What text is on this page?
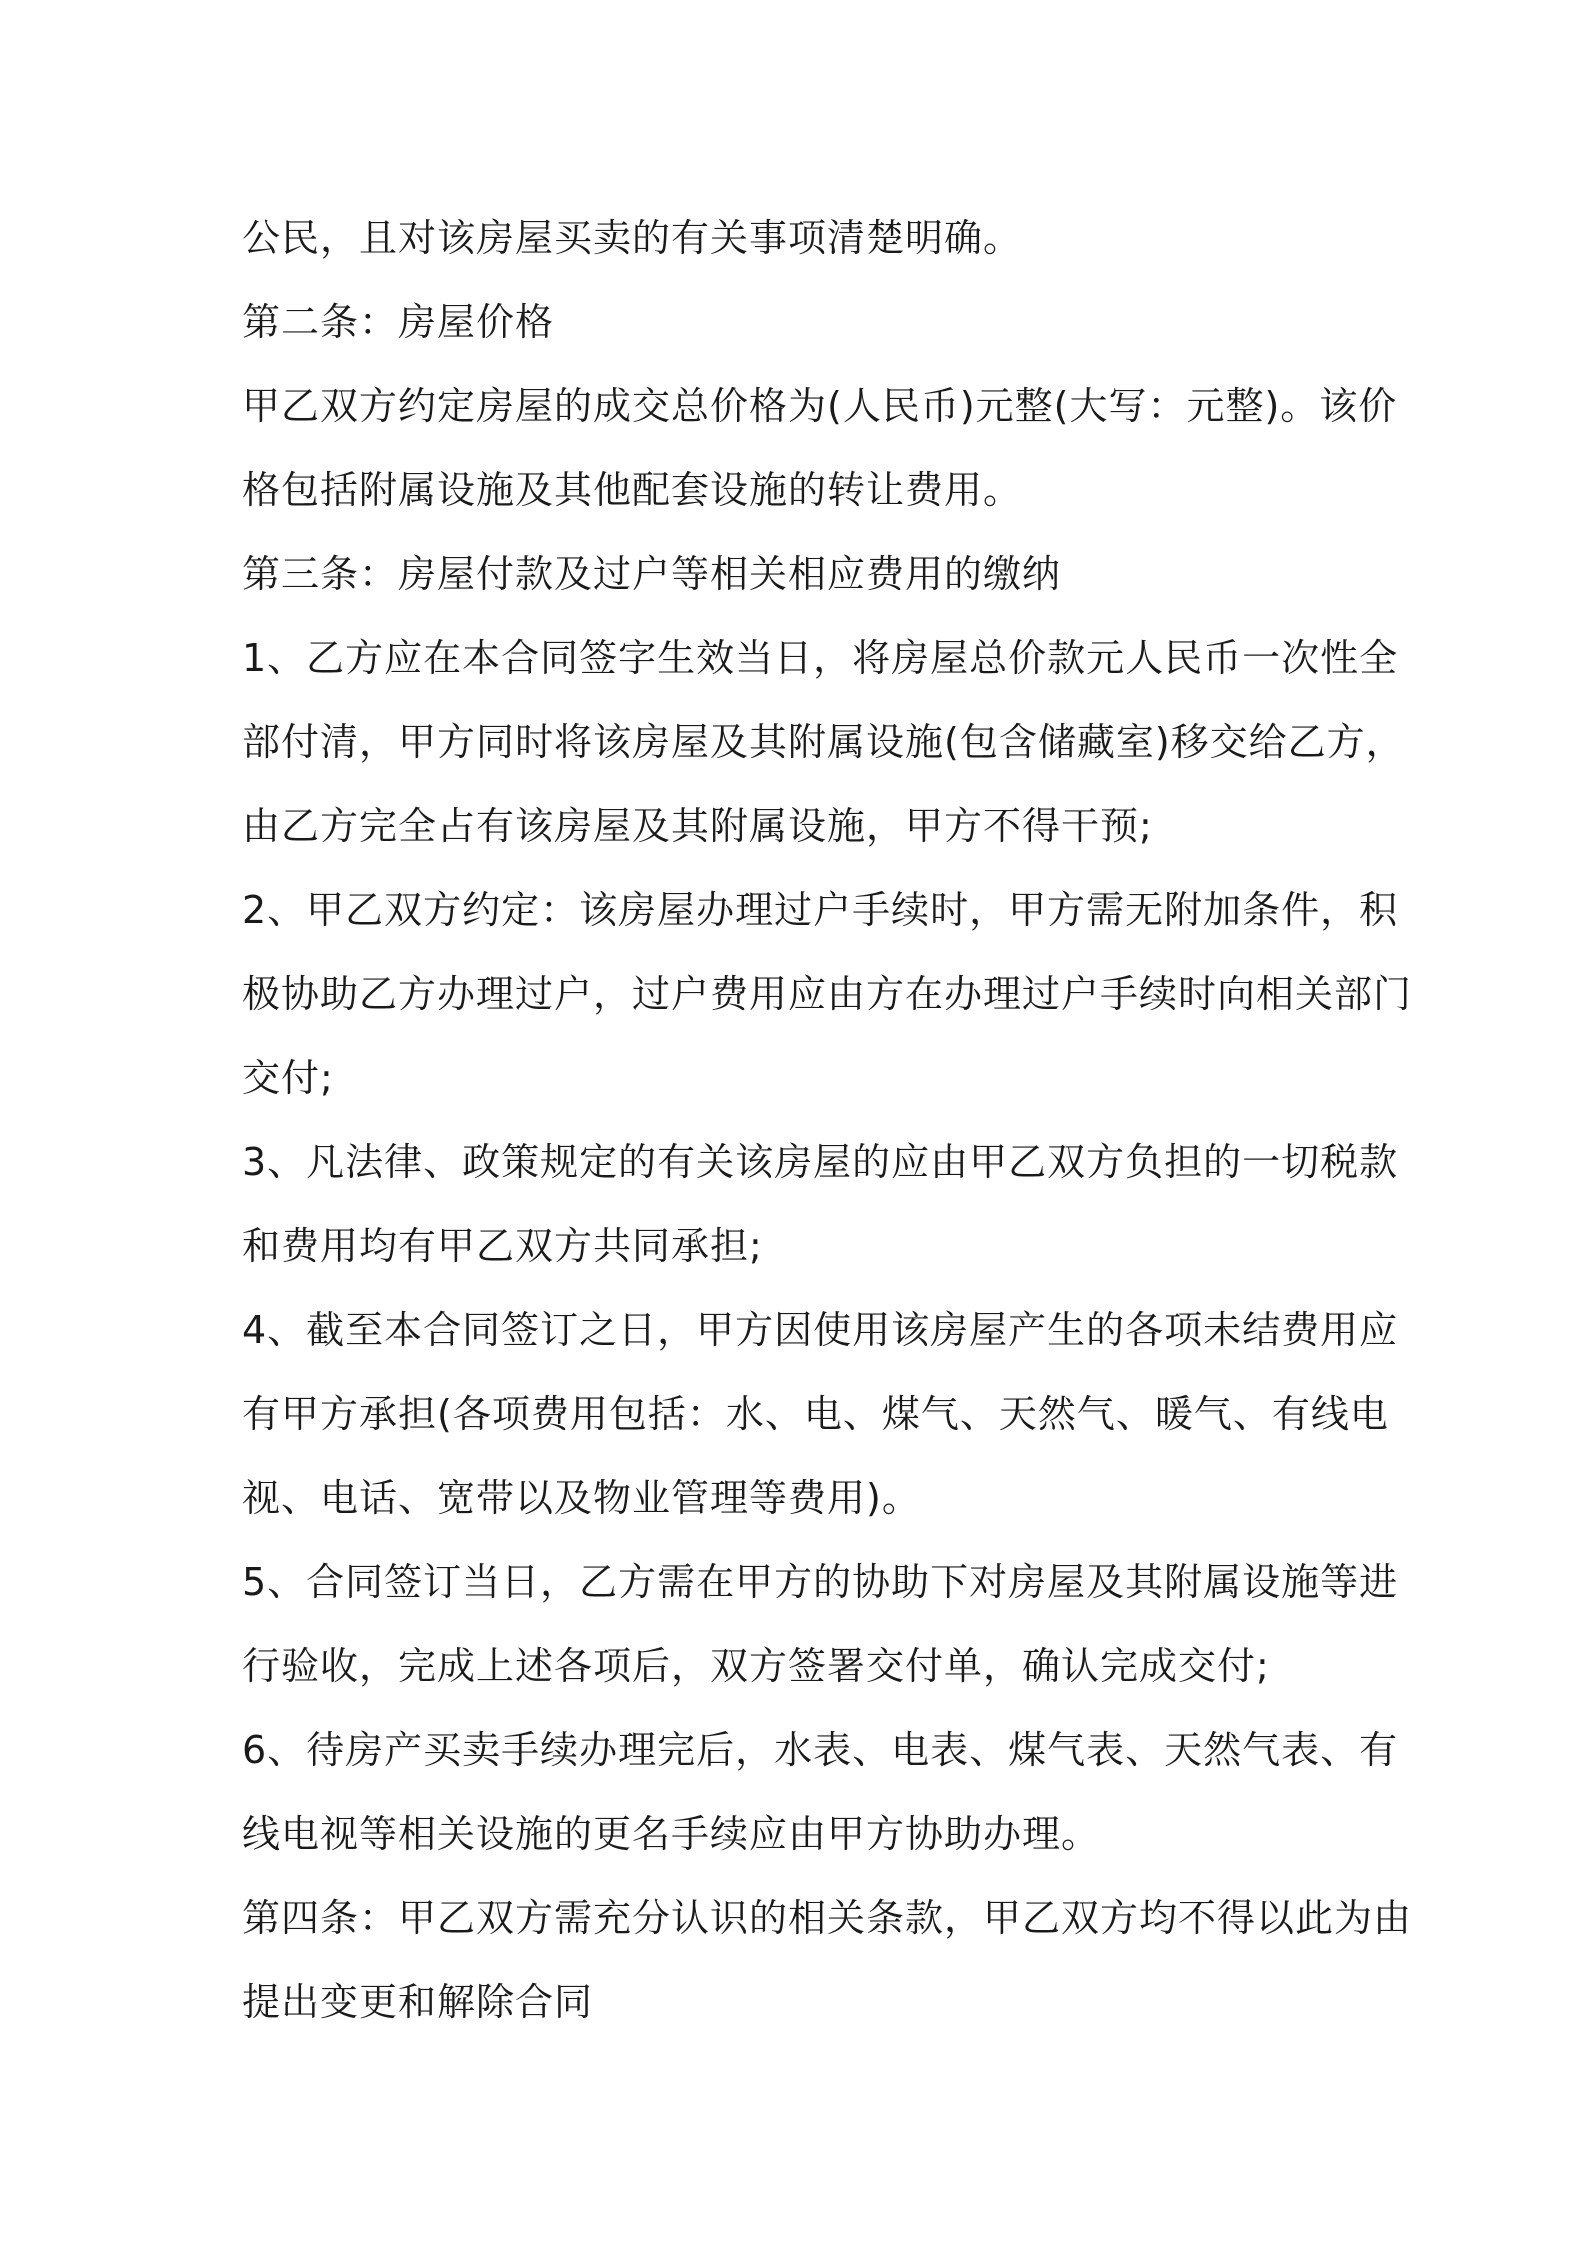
公民，且对该房屋买卖的有关事项清楚明确。
第二条：房屋价格
甲乙双方约定房屋的成交总价格为(人民币)元整(大写：元整)。该价
格包括附属设施及其他配套设施的转让费用。
第三条：房屋付款及过户等相关相应费用的缴纳
1、乙方应在本合同签字生效当日，将房屋总价款元人民币一次性全
部付清，甲方同时将该房屋及其附属设施(包含储藏室)移交给乙方，
由乙方完全占有该房屋及其附属设施，甲方不得干预;
2、甲乙双方约定：该房屋办理过户手续时，甲方需无附加条件，积
极协助乙方办理过户，过户费用应由方在办理过户手续时向相关部门
交付;
3、凡法律、政策规定的有关该房屋的应由甲乙双方负担的一切税款
和费用均有甲乙双方共同承担;
4、截至本合同签订之日，甲方因使用该房屋产生的各项未结费用应
有甲方承担(各项费用包括：水、电、煤气、天然气、暖气、有线电
视、电话、宽带以及物业管理等费用)。
5、合同签订当日，乙方需在甲方的协助下对房屋及其附属设施等进
行验收，完成上述各项后，双方签署交付单，确认完成交付;
6、待房产买卖手续办理完后，水表、电表、煤气表、天然气表、有
线电视等相关设施的更名手续应由甲方协助办理。
第四条：甲乙双方需充分认识的相关条款，甲乙双方均不得以此为由
提出变更和解除合同
